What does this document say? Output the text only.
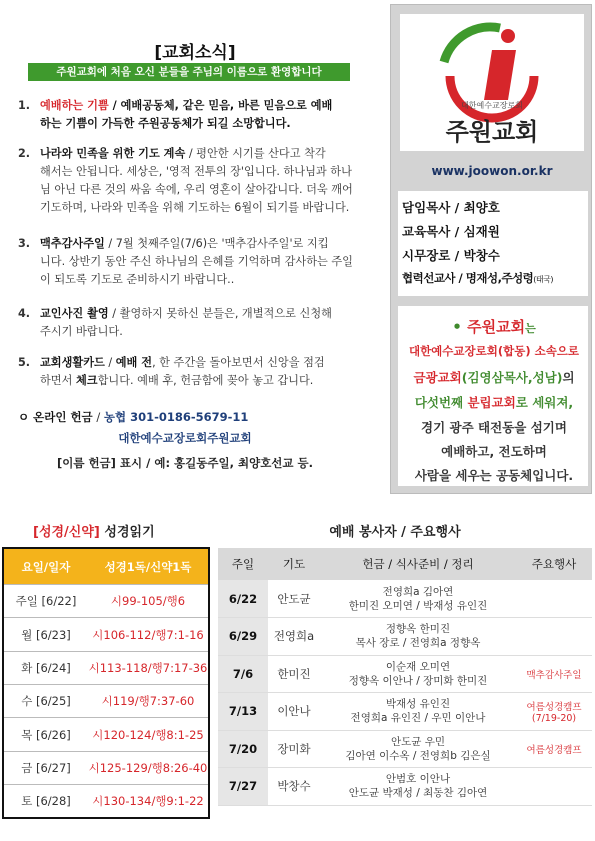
[교회소식]
주원교회에 처음 오신 분들을 주님의 이름으로 환영합니다
1. 예배하는 기쁨 / 예배공동체, 같은 믿음, 바른 믿음으로 예배
하는 기쁨이 가득한 주원공동체가 되길 소망합니다.
2. 나라와 민족을 위한 기도 계속 / 평안한 시기를 산다고 착각
해서는 안됩니다. 세상은, '영적 전투의 장'입니다. 하나님과 하나
님 아닌 다른 것의 싸움 속에, 우리 영혼이 살아갑니다. 더욱 깨어
기도하며, 나라와 민족을 위해 기도하는 6월이 되기를 바랍니다.
3. 맥추감사주일 / 7월 첫째주일(7/6)은 '맥추감사주일'로 지킵
니다. 상반기 동안 주신 하나님의 은혜를 기억하며 감사하는 주일
이 되도록 기도로 준비하시기 바랍니다..
4. 교인사진 촬영 / 촬영하지 못하신 분들은, 개별적으로 신청해
주시기 바랍니다.
5. 교회생활카드 / 예배 전, 한 주간을 돌아보면서 신앙을 점검
하면서 체크합니다. 예배 후, 헌금함에 꽂아 놓고 갑니다.
ㅇ 온라인 헌금 / 농협 301-0186-5679-11
대한예수교장로회주원교회
[이름 헌금] 표시 / 예: 홍길동주일, 최양호선교 등.
대한예수교장로회
주원교회
www.joowon.or.kr
담임목사 / 최양호
교육목사 / 심재원
시무장로 / 박창수
협력선교사 / 명재성,주성령(태국)
• 주원교회는
대한예수교장로회(합동) 소속으로
금광교회(김영삼목사,성남)의
다섯번째 분립교회로 세워져,
경기 광주 태전동을 섬기며
예배하고, 전도하며
사람을 세우는 공동체입니다.
[성경/신약] 성경읽기
요일/일자	성경1독/신약1독
주일 [6/22]	시99-105/행6
월 [6/23]	시106-112/행7:1-16
화 [6/24]	시113-118/행7:17-36
수 [6/25]	시119/행7:37-60
목 [6/26]	시120-124/행8:1-25
금 [6/27]	시125-129/행8:26-40
토 [6/28]	시130-134/행9:1-22
예배 봉사자 / 주요행사
주일	기도	헌금 / 식사준비 / 정리	주요행사
6/22	안도균	전영희a 김아연
한미진 오미연 / 박재성 유인진	
6/29	전영희a	정향옥 한미진
목사 장로 / 전영희a 정향옥	
7/6	한미진	이순재 오미연
정향옥 이안나 / 장미화 한미진	맥추감사주일
7/13	이안나	박재성 유인진
전영희a 유인진 / 우민 이안나	여름성경캠프
(7/19-20)
7/20	장미화	안도균 우민
김아연 이수옥 / 전영희b 김은실	여름성경캠프
7/27	박창수	안범호 이안나
안도균 박재성 / 최동찬 김아연	
